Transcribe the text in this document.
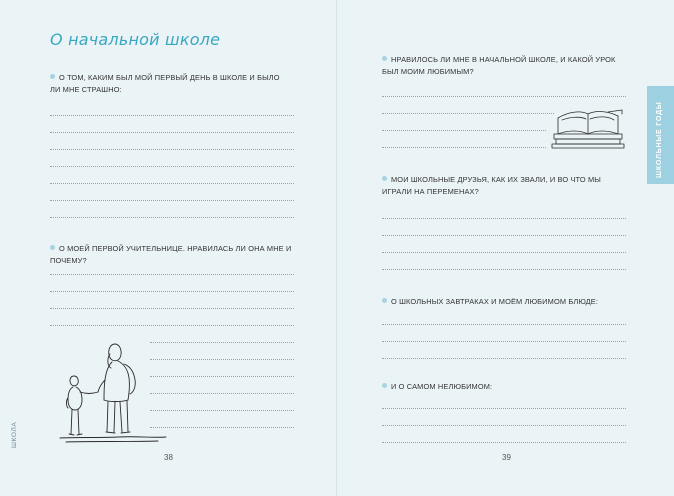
О начальной школе
О ТОМ, КАКИМ БЫЛ МОЙ ПЕРВЫЙ ДЕНЬ В ШКОЛЕ И БЫЛО ЛИ МНЕ СТРАШНО:
О МОЕЙ ПЕРВОЙ УЧИТЕЛЬНИЦЕ. НРАВИЛАСЬ ЛИ ОНА МНЕ И ПОЧЕМУ?
38
ШКОЛА
НРАВИЛОСЬ ЛИ МНЕ В НАЧАЛЬНОЙ ШКОЛЕ, И КАКОЙ УРОК БЫЛ МОИМ ЛЮБИМЫМ?
МОИ ШКОЛЬНЫЕ ДРУЗЬЯ, КАК ИХ ЗВАЛИ, И ВО ЧТО МЫ ИГРАЛИ НА ПЕРЕМЕНАХ?
О ШКОЛЬНЫХ ЗАВТРАКАХ И МОЁМ ЛЮБИМОМ БЛЮДЕ:
И О САМОМ НЕЛЮБИМОМ:
39
ШКОЛЬНЫЕ ГОДЫ
